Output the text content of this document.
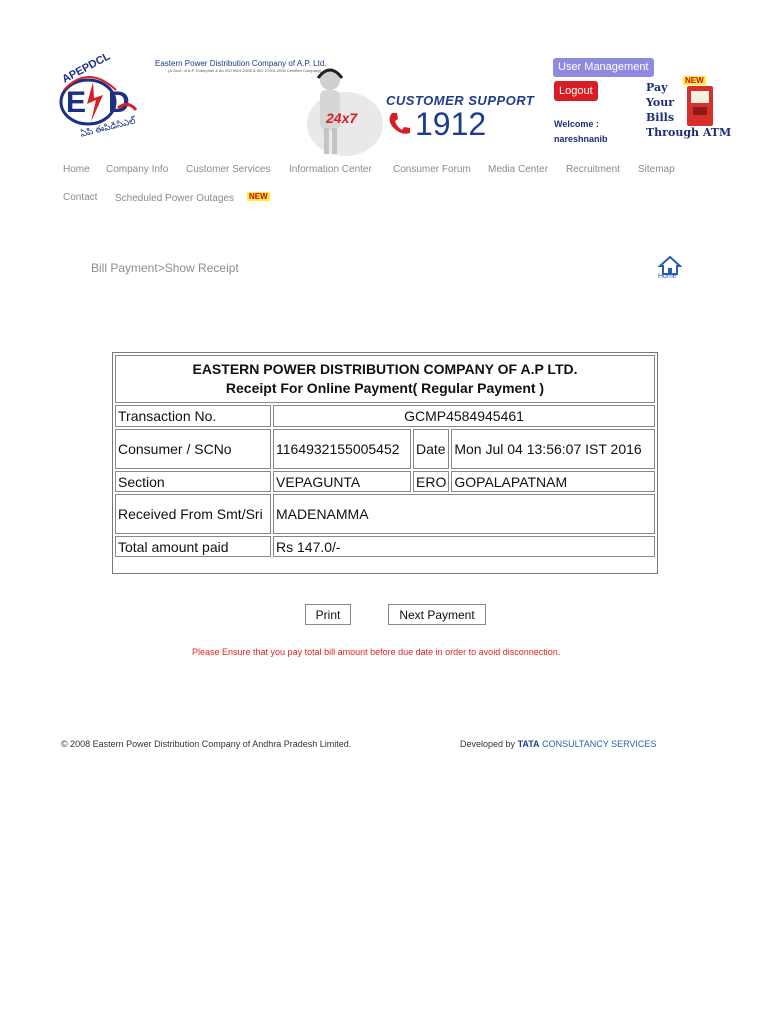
E D
APEPDCL
ఏపి ఈపిడిసిఎల్
Eastern Power Distribution Company of A.P. Ltd.
(A Govt. of A.P. Enterprise & An ISO 9001:2008 & ISO 27001:2005 Certified Company)
24x7
CUSTOMER SUPPORT
1912
User Management
Logout
Welcome :
nareshnanib
Pay
Your
Bills
Through ATM
NEW
Home Company Info Customer Services Information Center Consumer Forum Media Center Recruitment Sitemap
Contact Scheduled Power Outages NEW
Bill Payment>Show Receipt
Home
EASTERN POWER DISTRIBUTION COMPANY OF A.P LTD.
Receipt For Online Payment( Regular Payment )			

Transaction No.	GCMP4584945461		
Consumer / SCNo	1164932155005452	Date	Mon Jul 04 13:56:07 IST 2016
Section	VEPAGUNTA	ERO	GOPALAPATNAM
Received From Smt/Sri	MADENAMMA		
Total amount paid	Rs 147.0/-		
Print	Next Payment
Please Ensure that you pay total bill amount before due date in order to avoid disconnection.
© 2008 Eastern Power Distribution Company of Andhra Pradesh Limited.	Developed by TATA CONSULTANCY SERVICES
